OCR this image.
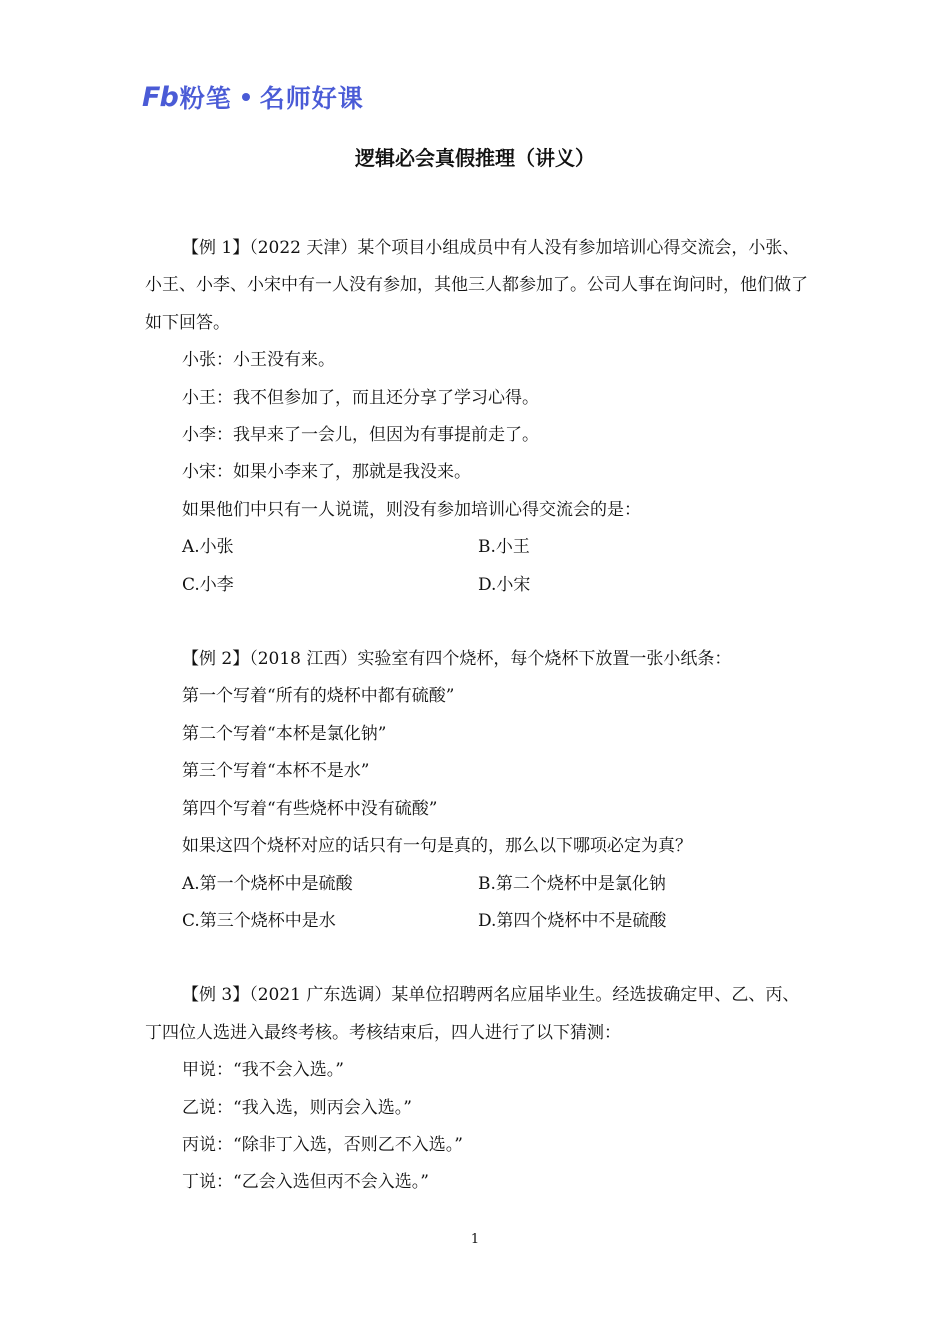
Fb 粉笔 名师好课
逻辑必会真假推理（讲义）

【例 1】（2022 天津）某个项目小组成员中有人没有参加培训心得交流会，小张、小王、小李、小宋中有一人没有参加，其他三人都参加了。公司人事在询问时，他们做了如下回答。

小张：小王没有来。

小王：我不但参加了，而且还分享了学习心得。

小李：我早来了一会儿，但因为有事提前走了。

小宋：如果小李来了，那就是我没来。

如果他们中只有一人说谎，则没有参加培训心得交流会的是：

A.小张	B.小王
C.小李	D.小宋

【例 2】（2018 江西）实验室有四个烧杯，每个烧杯下放置一张小纸条：

第一个写着“所有的烧杯中都有硫酸”

第二个写着“本杯是氯化钠”

第三个写着“本杯不是水”

第四个写着“有些烧杯中没有硫酸”

如果这四个烧杯对应的话只有一句是真的，那么以下哪项必定为真？

A.第一个烧杯中是硫酸	B.第二个烧杯中是氯化钠
C.第三个烧杯中是水	D.第四个烧杯中不是硫酸

【例 3】（2021 广东选调）某单位招聘两名应届毕业生。经选拔确定甲、乙、丙、丁四位人选进入最终考核。考核结束后，四人进行了以下猜测：

甲说：“我不会入选。”

乙说：“我入选，则丙会入选。”

丙说：“除非丁入选，否则乙不入选。”

丁说：“乙会入选但丙不会入选。”

1
